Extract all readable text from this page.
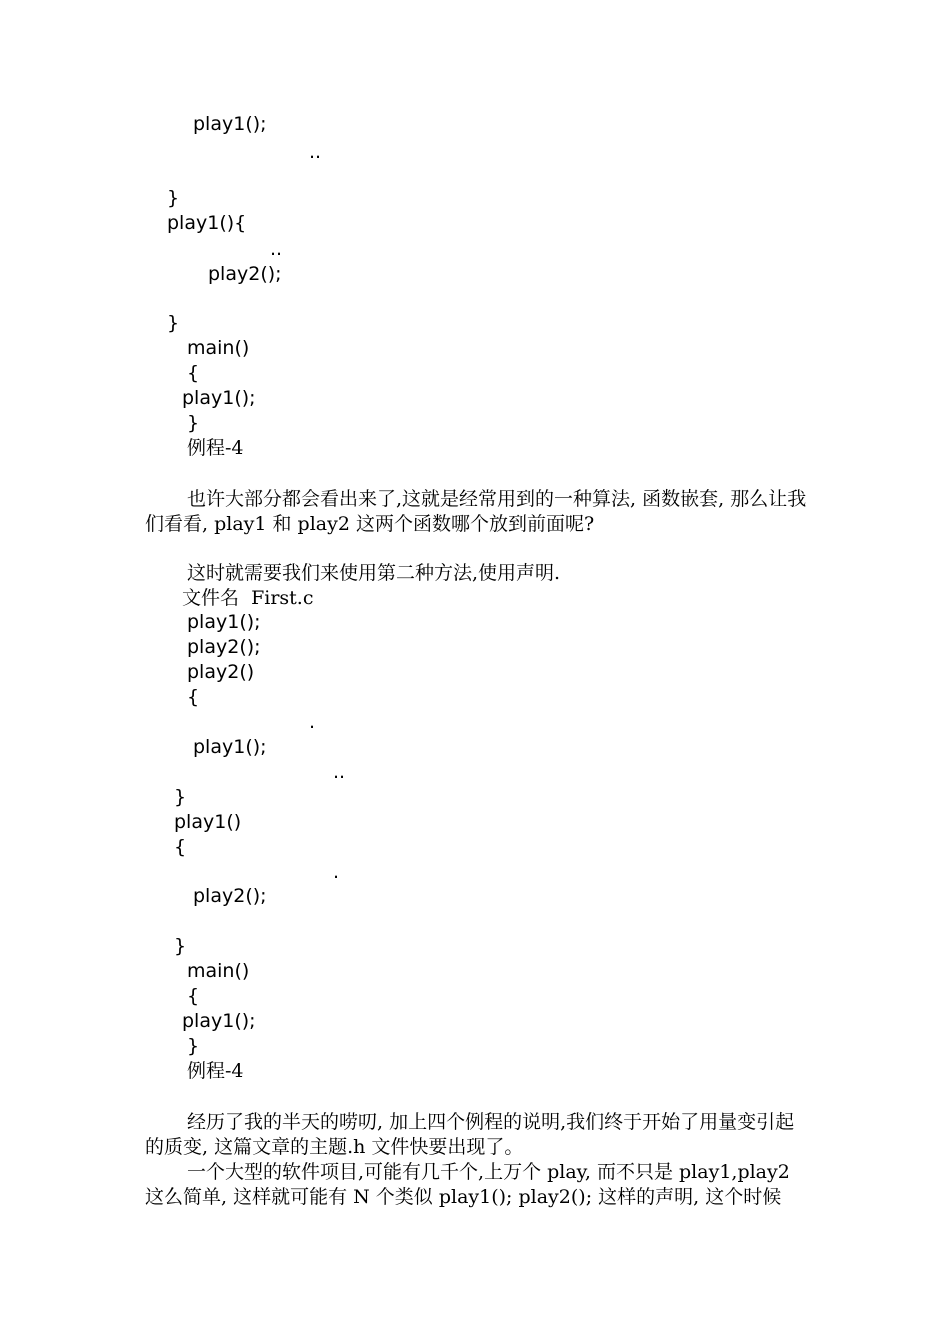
play1();
..
}
play1(){
..
play2();
}
main()
{
play1();
}
例程-4
也许大部分都会看出来了,这就是经常用到的一种算法, 函数嵌套, 那么让我们看看, play1 和 play2 这两个函数哪个放到前面呢?
这时就需要我们来使用第二种方法,使用声明.
文件名  First.c
play1();
play2();
play2()
{
.
play1();
..
}
play1()
{
.
play2();
}
main()
{
play1();
}
例程-4
经历了我的半天的唠叨, 加上四个例程的说明,我们终于开始了用量变引起的质变, 这篇文章的主题.h 文件快要出现了。
一个大型的软件项目,可能有几千个,上万个 play, 而不只是 play1,play2 这么简单, 这样就可能有 N 个类似 play1(); play2(); 这样的声明, 这个时候
